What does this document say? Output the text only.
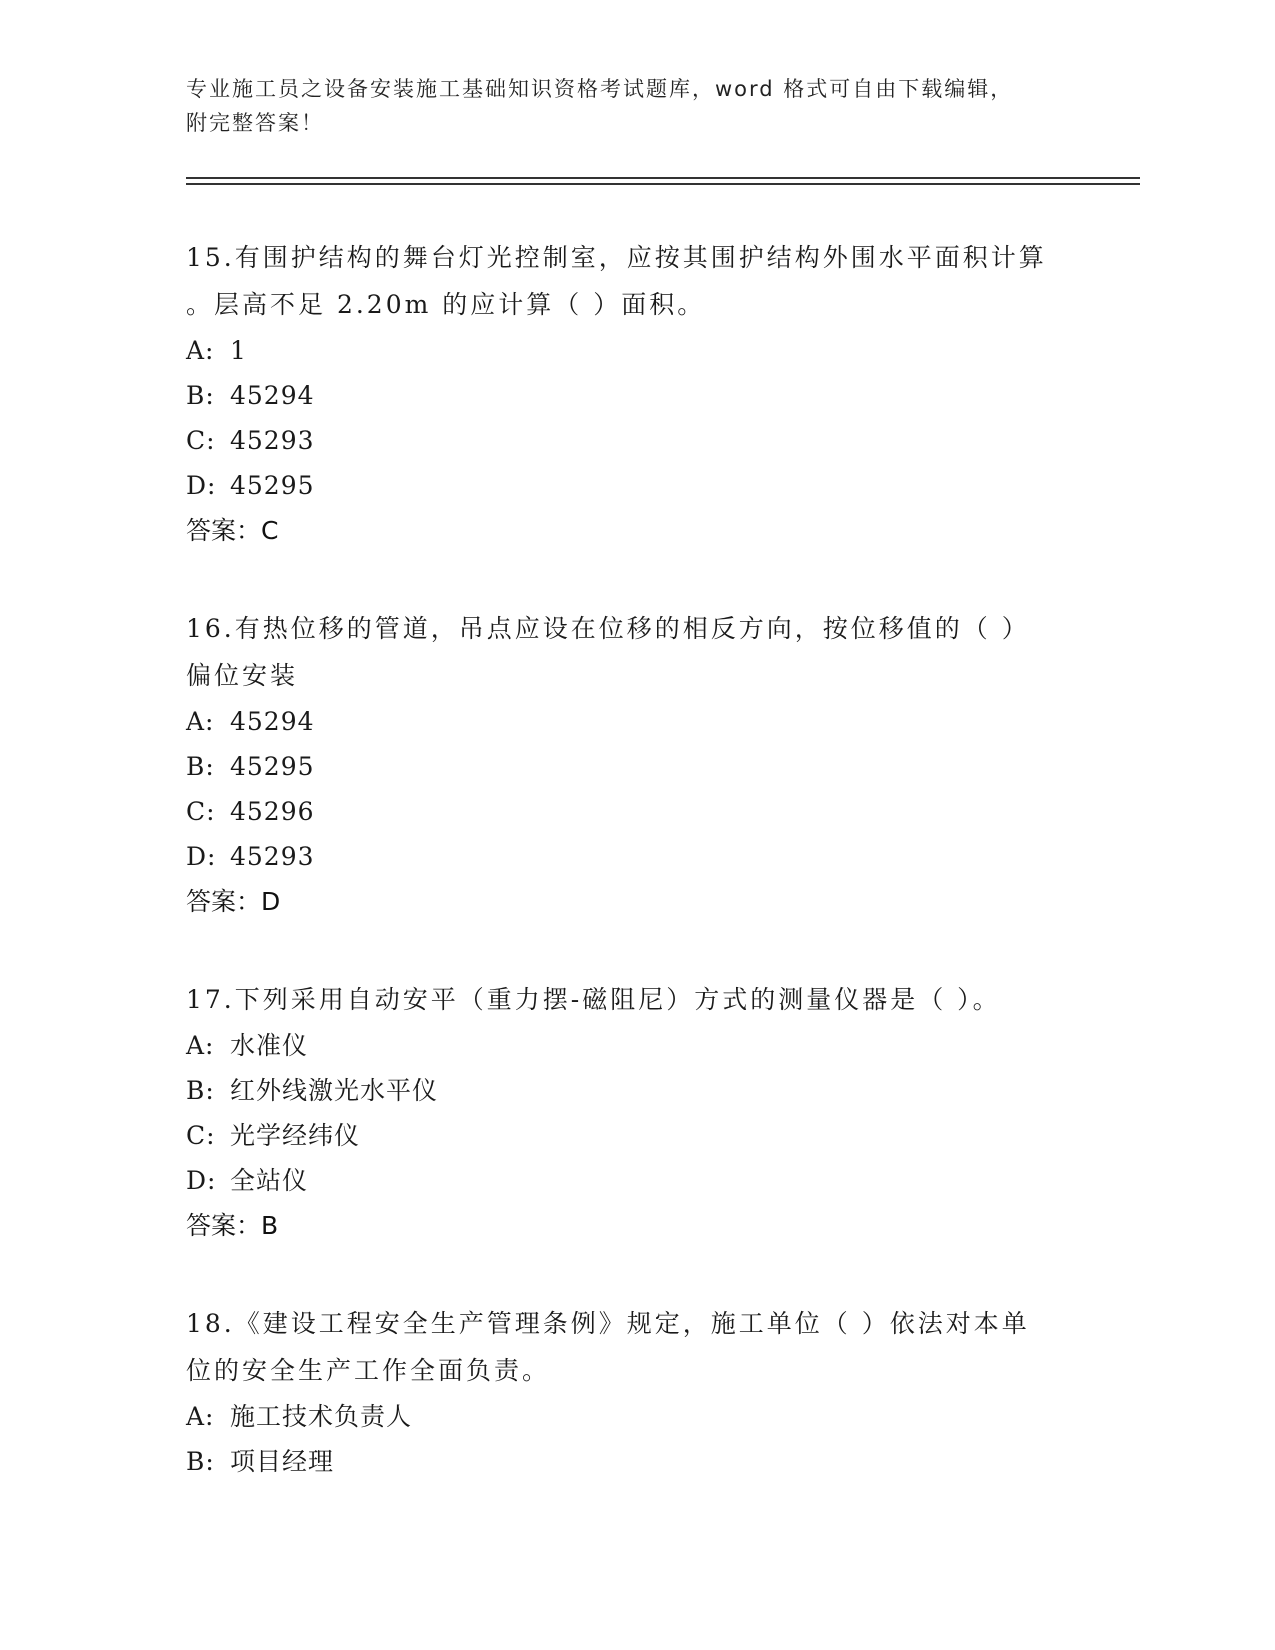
专业施工员之设备安装施工基础知识资格考试题库，word 格式可自由下载编辑，

附完整答案！

15.有围护结构的舞台灯光控制室，应按其围护结构外围水平面积计算

。层高不足 2.20m 的应计算（ ）面积。

A: 1

B: 45294

C: 45293

D: 45295

答案：C

16.有热位移的管道，吊点应设在位移的相反方向，按位移值的（ ）

偏位安装

A: 45294

B: 45295

C: 45296

D: 45293

答案：D

17.下列采用自动安平（重力摆-磁阻尼）方式的测量仪器是（ ）。

A: 水准仪

B: 红外线激光水平仪

C: 光学经纬仪

D: 全站仪

答案：B

18.《建设工程安全生产管理条例》规定，施工单位（ ）依法对本单

位的安全生产工作全面负责。

A: 施工技术负责人

B: 项目经理
